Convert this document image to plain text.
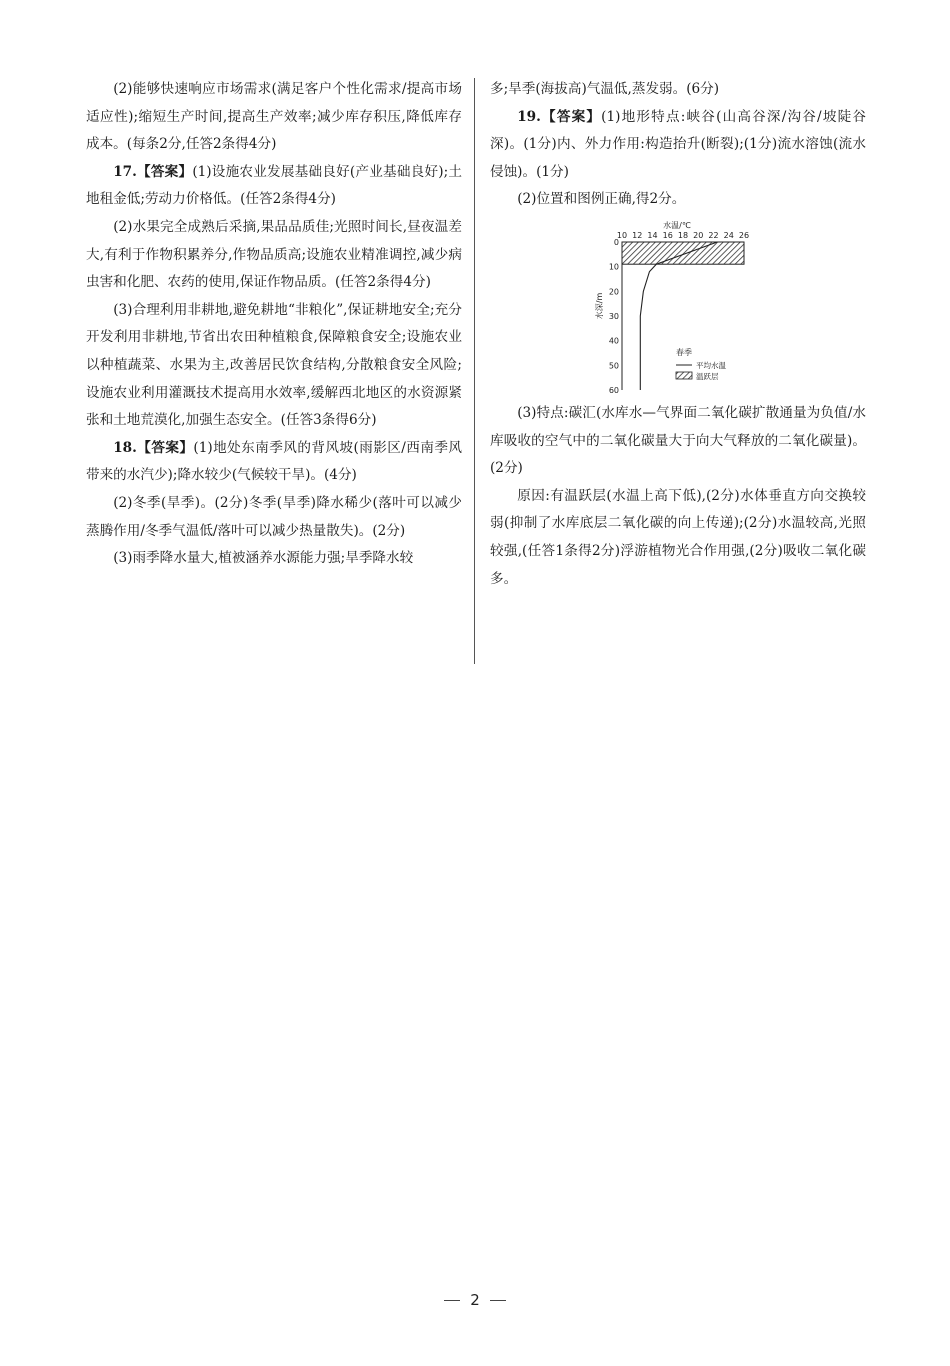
(2)能够快速响应市场需求(满足客户个性化需求/提高市场适应性);缩短生产时间,提高生产效率;减少库存积压,降低库存成本。(每条2分,任答2条得4分)

17.【答案】(1)设施农业发展基础良好(产业基础良好);土地租金低;劳动力价格低。(任答2条得4分)

(2)水果完全成熟后采摘,果品品质佳;光照时间长,昼夜温差大,有利于作物积累养分,作物品质高;设施农业精准调控,减少病虫害和化肥、农药的使用,保证作物品质。(任答2条得4分)

(3)合理利用非耕地,避免耕地“非粮化”,保证耕地安全;充分开发利用非耕地,节省出农田种植粮食,保障粮食安全;设施农业以种植蔬菜、水果为主,改善居民饮食结构,分散粮食安全风险;设施农业利用灌溉技术提高用水效率,缓解西北地区的水资源紧张和土地荒漠化,加强生态安全。(任答3条得6分)

18.【答案】(1)地处东南季风的背风坡(雨影区/西南季风带来的水汽少);降水较少(气候较干旱)。(4分)

(2)冬季(旱季)。(2分)冬季(旱季)降水稀少(落叶可以减少蒸腾作用/冬季气温低/落叶可以减少热量散失)。(2分)

(3)雨季降水量大,植被涵养水源能力强;旱季降水较

多;旱季(海拔高)气温低,蒸发弱。(6分)

19.【答案】(1)地形特点:峡谷(山高谷深/沟谷/坡陡谷深)。(1分)内、外力作用:构造抬升(断裂);(1分)流水溶蚀(流水侵蚀)。(1分)

(2)位置和图例正确,得2分。

水温/℃
10 12 14 16 18 20 22 24 26
0
10
20
30
40
50
60
水深/m
春季
平均水温
温跃层

(3)特点:碳汇(水库水—气界面二氧化碳扩散通量为负值/水库吸收的空气中的二氧化碳量大于向大气释放的二氧化碳量)。(2分)

原因:有温跃层(水温上高下低),(2分)水体垂直方向交换较弱(抑制了水库底层二氧化碳的向上传递);(2分)水温较高,光照较强,(任答1条得2分)浮游植物光合作用强,(2分)吸收二氧化碳多。

2
